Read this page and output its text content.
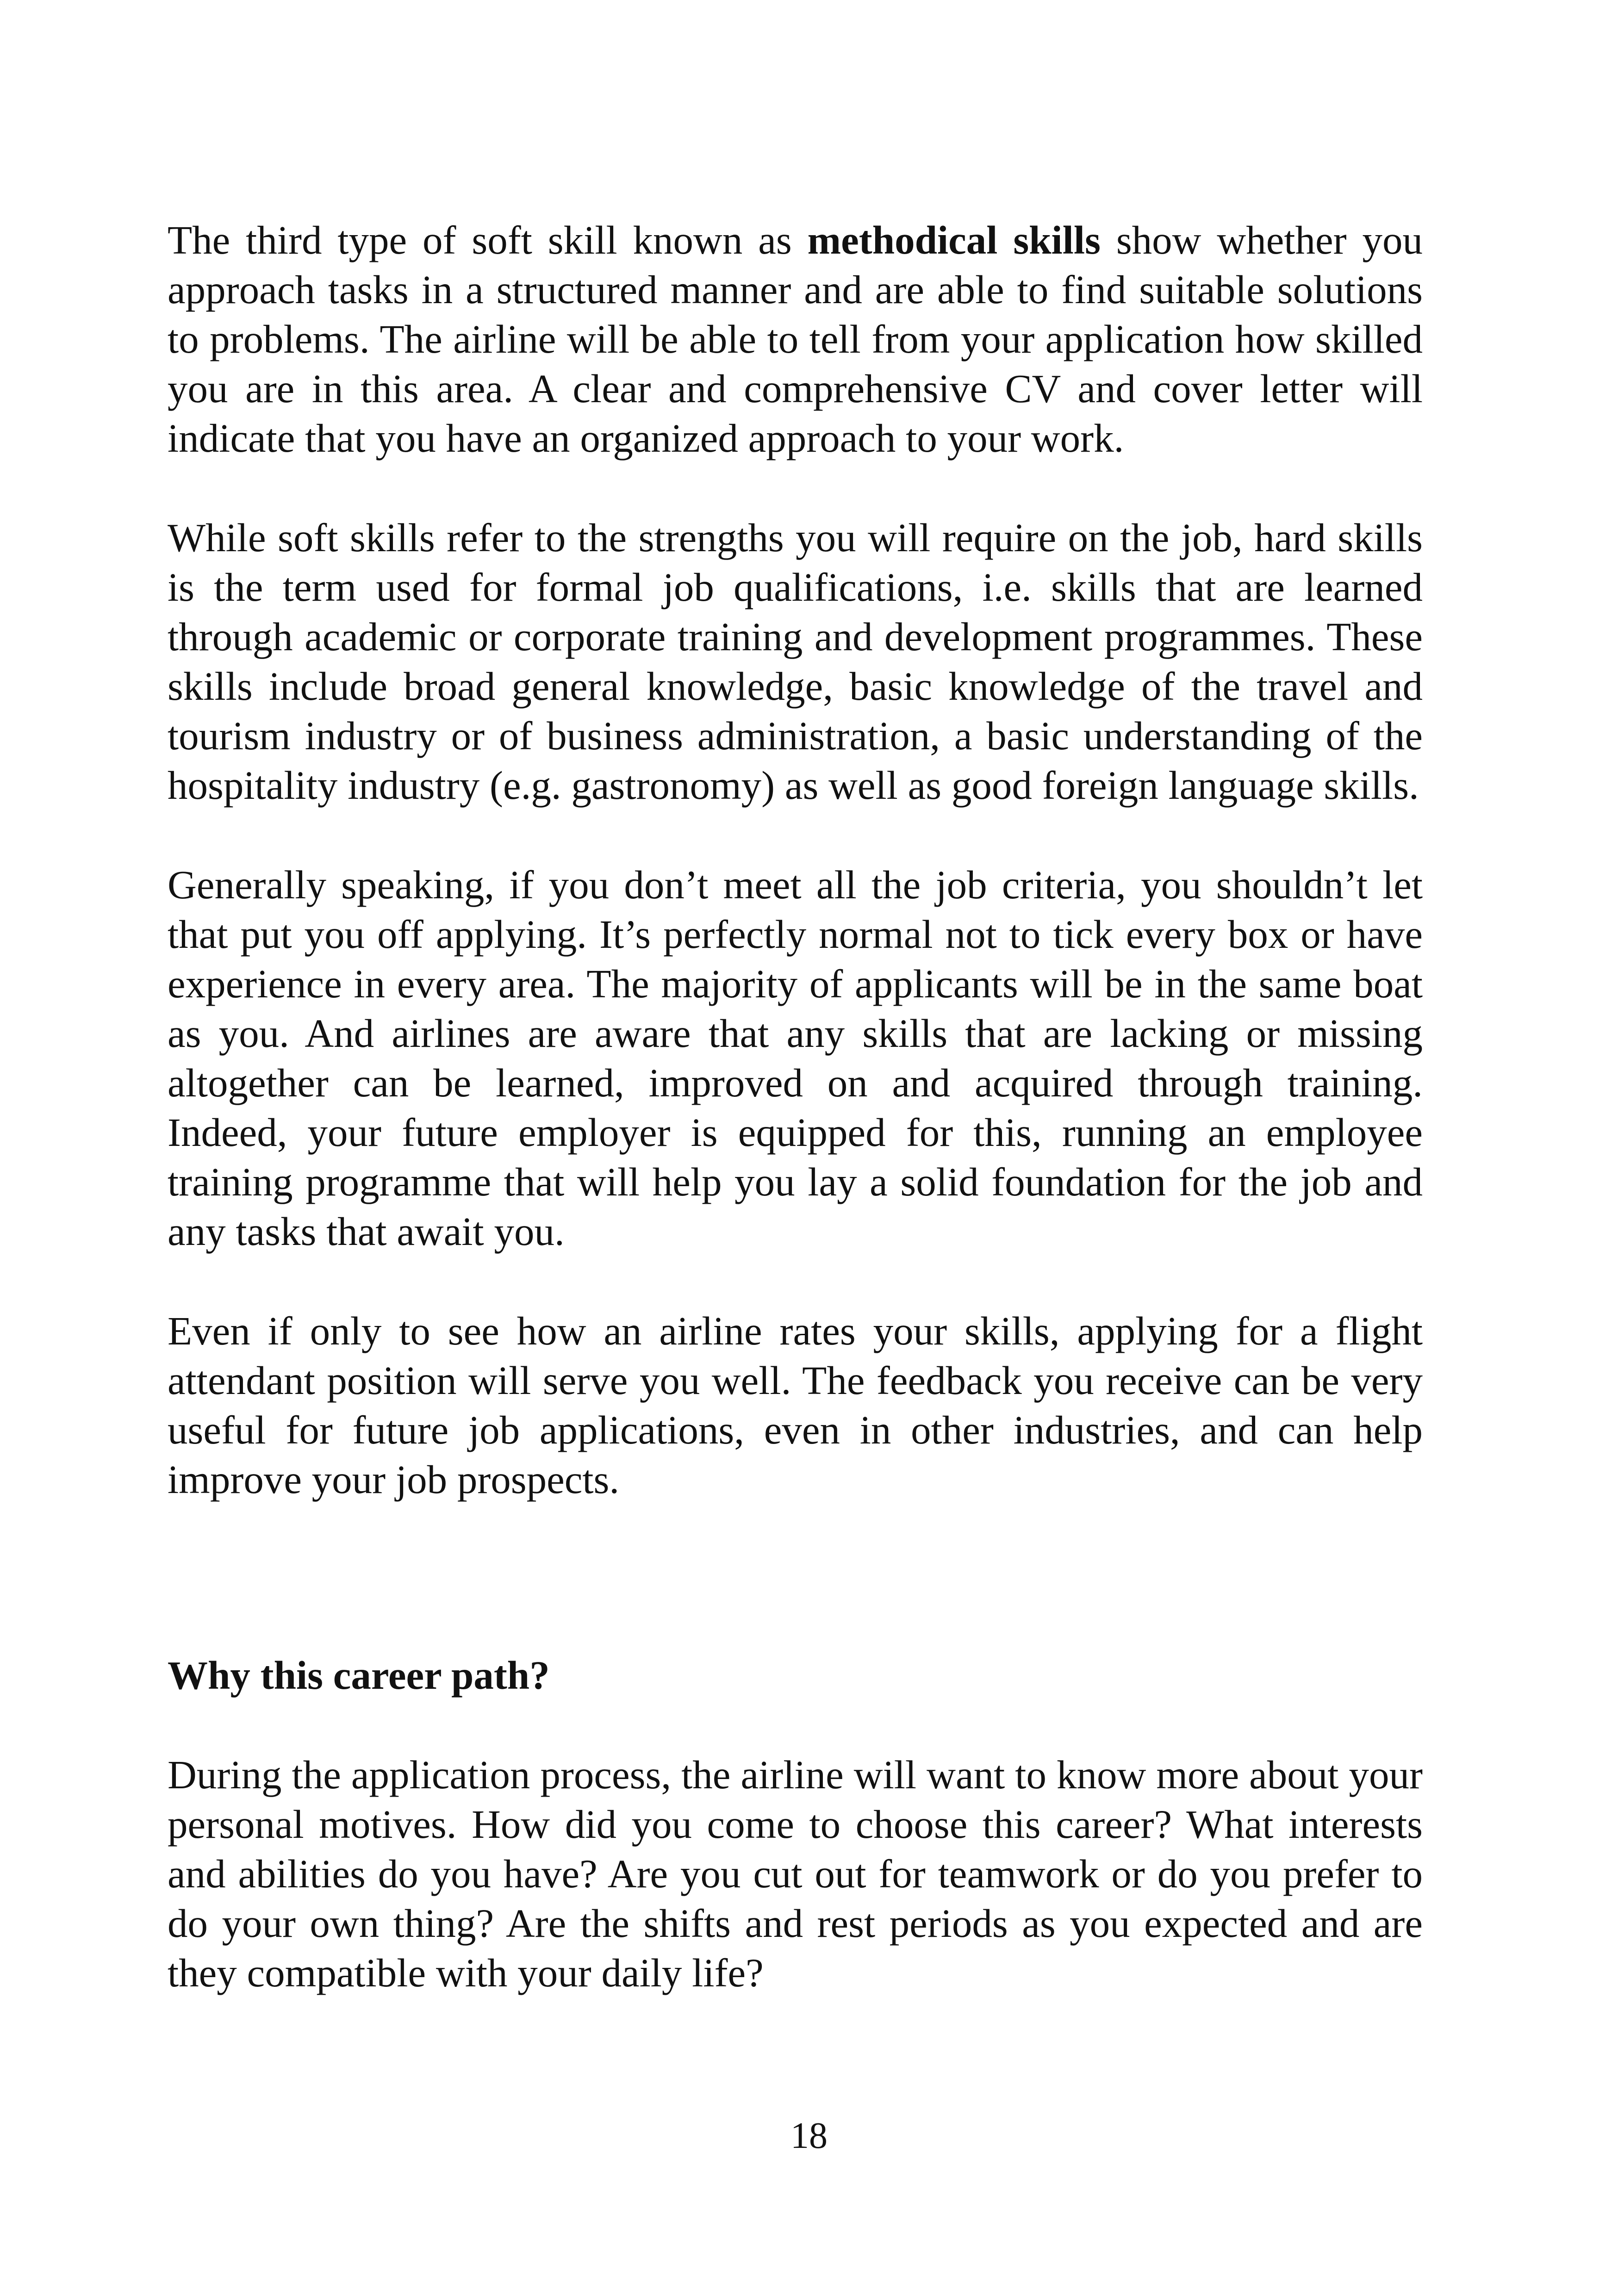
The third type of soft skill known as methodical skills show whether you approach tasks in a structured manner and are able to find suitable solutions to problems. The airline will be able to tell from your application how skilled you are in this area. A clear and comprehensive CV and cover letter will indicate that you have an organized approach to your work.

While soft skills refer to the strengths you will require on the job, hard skills is the term used for formal job qualifications, i.e. skills that are learned through academic or corporate training and development programmes. These skills include broad general knowledge, basic knowledge of the travel and tourism industry or of business administration, a basic understanding of the hospitality industry (e.g. gastronomy) as well as good foreign language skills.

Generally speaking, if you don’t meet all the job criteria, you shouldn’t let that put you off applying. It’s perfectly normal not to tick every box or have experience in every area. The majority of applicants will be in the same boat as you. And airlines are aware that any skills that are lacking or missing altogether can be learned, improved on and acquired through training. Indeed, your future employer is equipped for this, running an employee training programme that will help you lay a solid foundation for the job and any tasks that await you.

Even if only to see how an airline rates your skills, applying for a flight attendant position will serve you well. The feedback you receive can be very useful for future job applications, even in other industries, and can help improve your job prospects.

Why this career path?

During the application process, the airline will want to know more about your personal motives. How did you come to choose this career? What interests and abilities do you have? Are you cut out for teamwork or do you prefer to do your own thing? Are the shifts and rest periods as you expected and are they compatible with your daily life?

18
